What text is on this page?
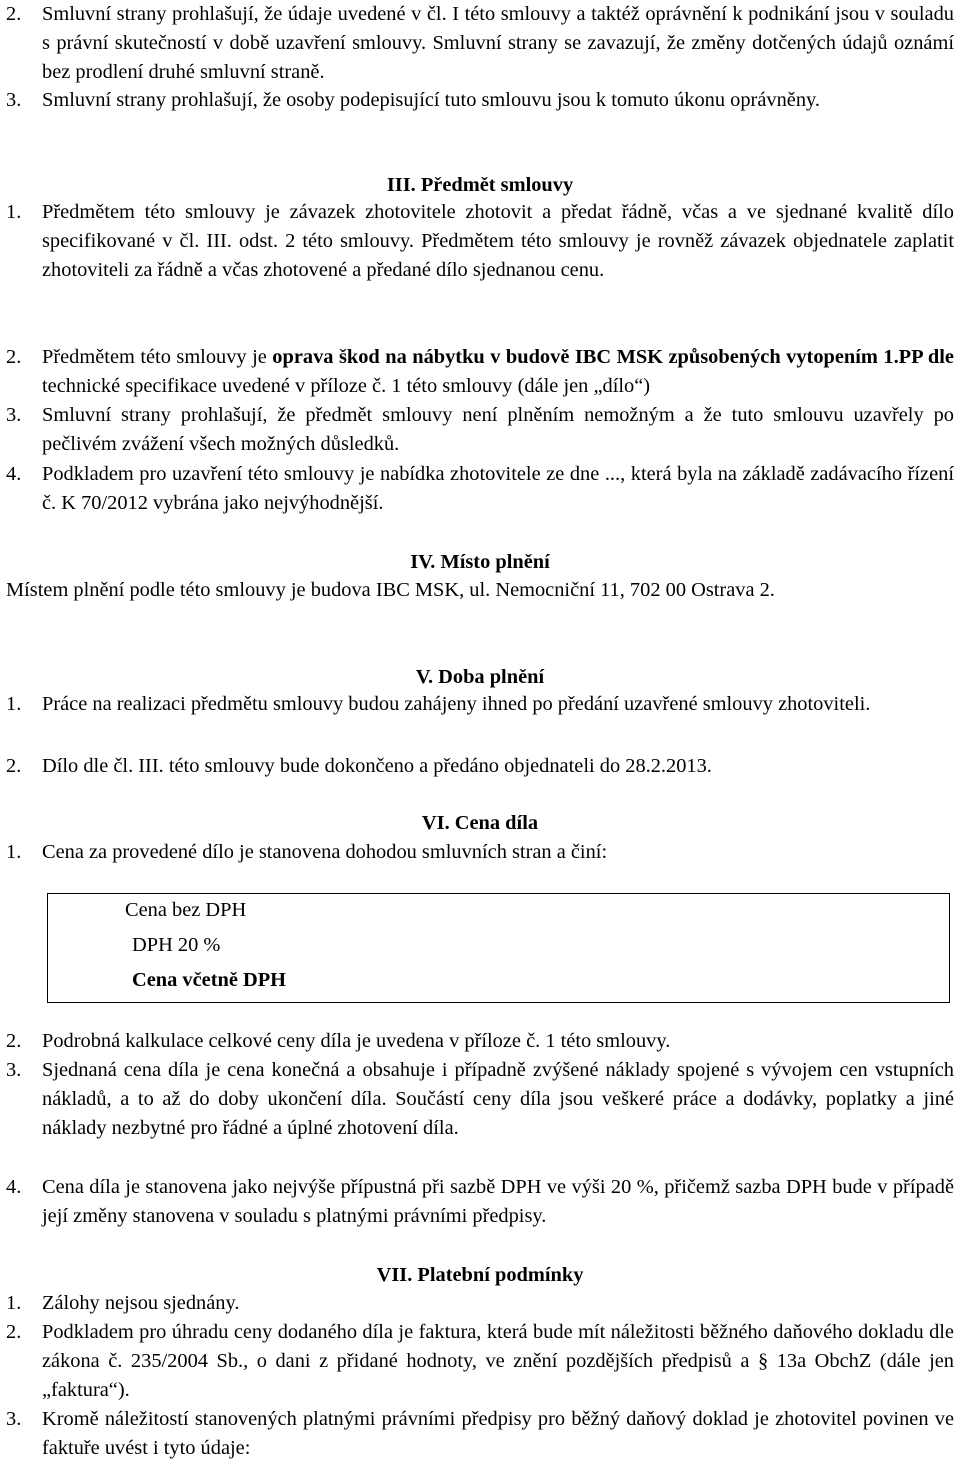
2. Smluvní strany prohlašují, že údaje uvedené v čl. I této smlouvy a taktéž oprávnění k podnikání jsou v souladu s právní skutečností v době uzavření smlouvy. Smluvní strany se zavazují, že změny dotčených údajů oznámí bez prodlení druhé smluvní straně.
3. Smluvní strany prohlašují, že osoby podepisující tuto smlouvu jsou k tomuto úkonu oprávněny.
III. Předmět smlouvy
1. Předmětem této smlouvy je závazek zhotovitele zhotovit a předat řádně, včas a ve sjednané kvalitě dílo specifikované v čl. III. odst. 2 této smlouvy. Předmětem této smlouvy je rovněž závazek objednatele zaplatit zhotoviteli za řádně a včas zhotovené a předané dílo sjednanou cenu.
2. Předmětem této smlouvy je oprava škod na nábytku v budově IBC MSK způsobených vytopením 1.PP dle technické specifikace uvedené v příloze č. 1 této smlouvy (dále jen „dílo“)
3. Smluvní strany prohlašují, že předmět smlouvy není plněním nemožným a že tuto smlouvu uzavřely po pečlivém zvážení všech možných důsledků.
4. Podkladem pro uzavření této smlouvy je nabídka zhotovitele ze dne ..., která byla na základě zadávacího řízení č. K 70/2012 vybrána jako nejvýhodnější.
IV. Místo plnění
Místem plnění podle této smlouvy je budova IBC MSK, ul. Nemocniční 11, 702 00 Ostrava 2.
V. Doba plnění
1. Práce na realizaci předmětu smlouvy budou zahájeny ihned po předání uzavřené smlouvy zhotoviteli.
2. Dílo dle čl. III. této smlouvy bude dokončeno a předáno objednateli do 28.2.2013.
VI. Cena díla
1. Cena za provedené dílo je stanovena dohodou smluvních stran a činí:
Cena bez DPH
DPH 20 %
Cena včetně DPH
2. Podrobná kalkulace celkové ceny díla je uvedena v příloze č. 1 této smlouvy.
3. Sjednaná cena díla je cena konečná a obsahuje i případně zvýšené náklady spojené s vývojem cen vstupních nákladů, a to až do doby ukončení díla. Součástí ceny díla jsou veškeré práce a dodávky, poplatky a jiné náklady nezbytné pro řádné a úplné zhotovení díla.
4. Cena díla je stanovena jako nejvýše přípustná při sazbě DPH ve výši 20 %, přičemž sazba DPH bude v případě její změny stanovena v souladu s platnými právními předpisy.
VII. Platební podmínky
1. Zálohy nejsou sjednány.
2. Podkladem pro úhradu ceny dodaného díla je faktura, která bude mít náležitosti běžného daňového dokladu dle zákona č. 235/2004 Sb., o dani z přidané hodnoty, ve znění pozdějších předpisů a § 13a ObchZ (dále jen „faktura“).
3. Kromě náležitostí stanovených platnými právními předpisy pro běžný daňový doklad je zhotovitel povinen ve faktuře uvést i tyto údaje:
